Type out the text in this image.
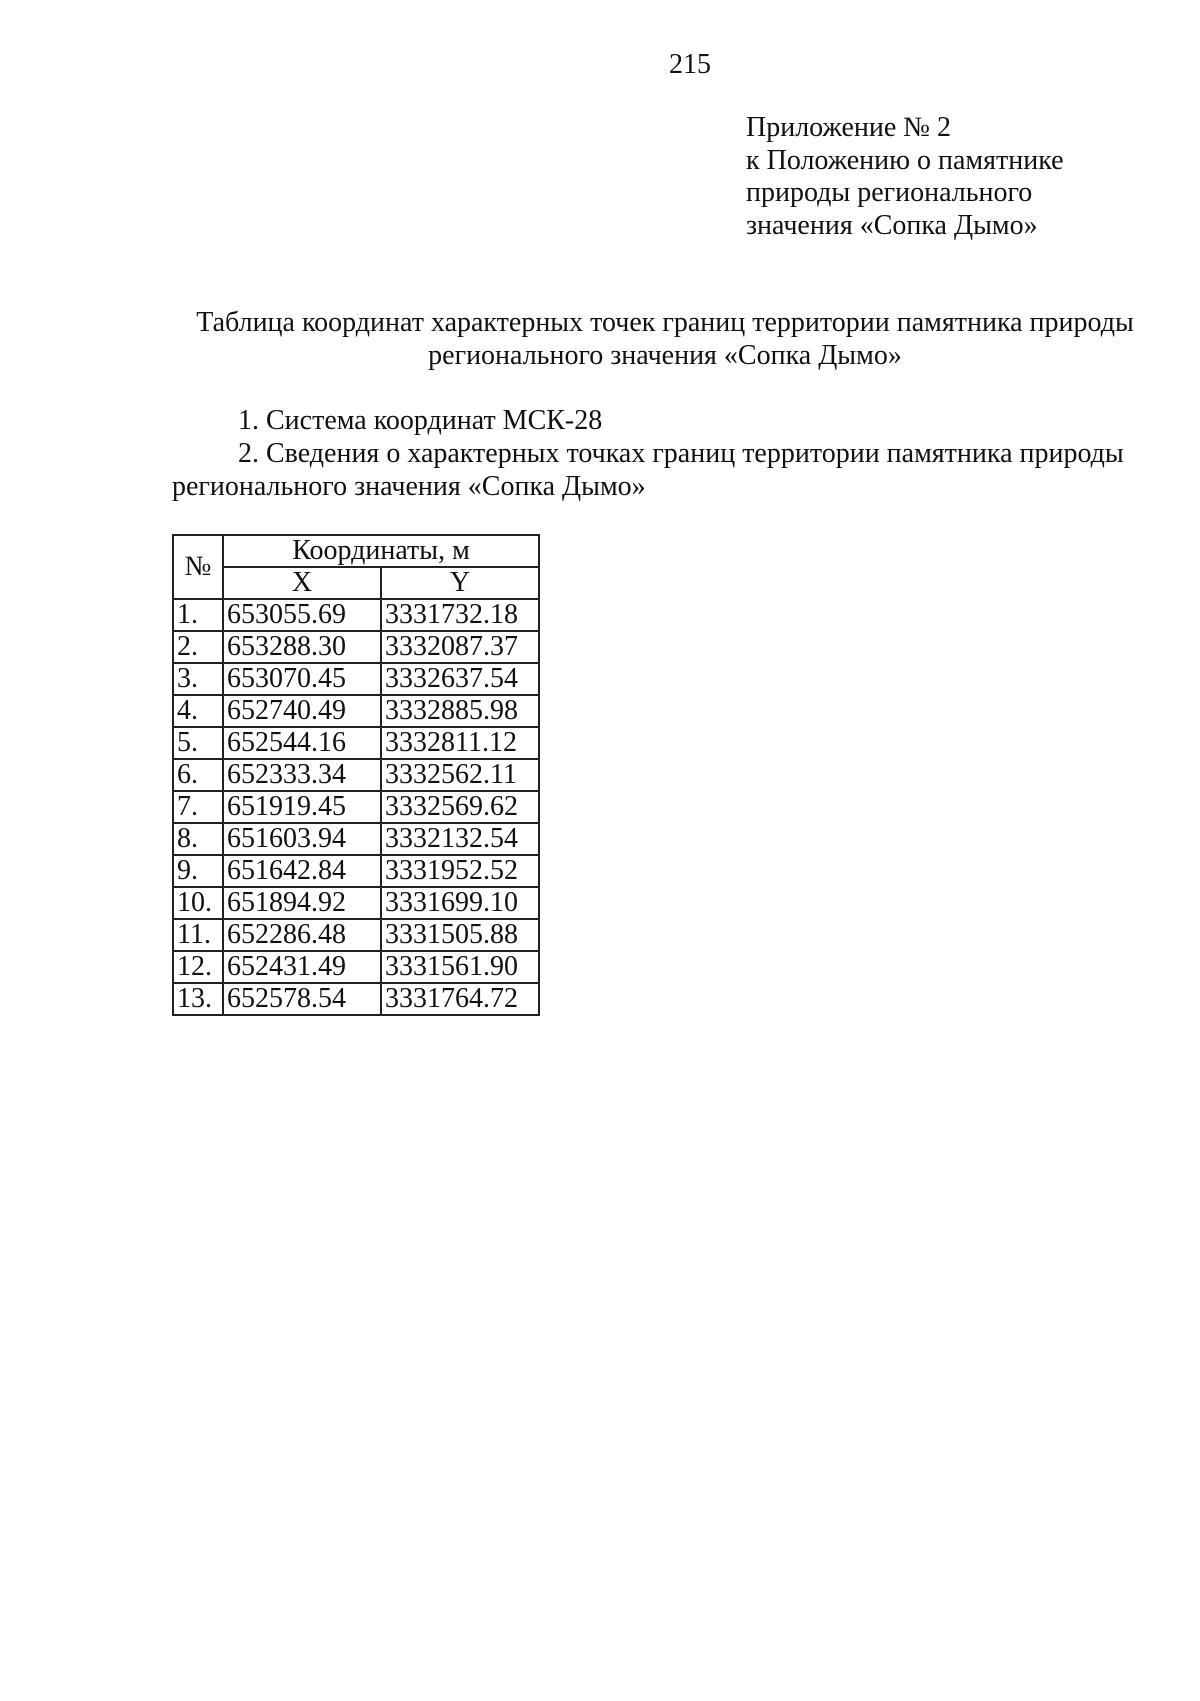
215
Приложение № 2
к Положению о памятнике
природы регионального
значения «Сопка Дымо»
Таблица координат характерных точек границ территории памятника природы
регионального значения «Сопка Дымо»
1. Система координат МСК-28
2. Сведения о характерных точках границ территории памятника природы
регионального значения «Сопка Дымо»
№	Координаты, м	
	X	Y
1.	653055.69	3331732.18
2.	653288.30	3332087.37
3.	653070.45	3332637.54
4.	652740.49	3332885.98
5.	652544.16	3332811.12
6.	652333.34	3332562.11
7.	651919.45	3332569.62
8.	651603.94	3332132.54
9.	651642.84	3331952.52
10.	651894.92	3331699.10
11.	652286.48	3331505.88
12.	652431.49	3331561.90
13.	652578.54	3331764.72
